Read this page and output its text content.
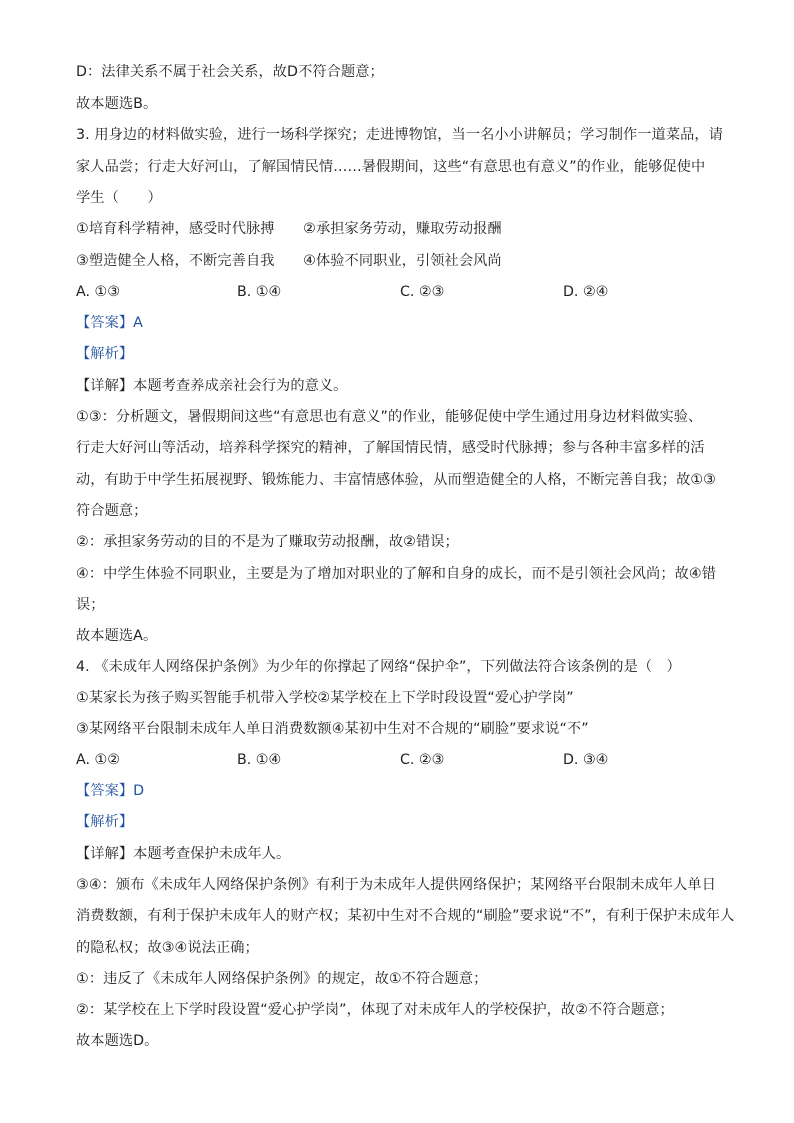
D：法律关系不属于社会关系，故D不符合题意；
故本题选B。
3. 用身边的材料做实验，进行一场科学探究；走进博物馆，当一名小小讲解员；学习制作一道菜品，请
家人品尝；行走大好河山，了解国情民情……暑假期间，这些“有意思也有意义”的作业，能够促使中
学生（　　）
①培育科学精神，感受时代脉搏　　②承担家务劳动，赚取劳动报酬
③塑造健全人格，不断完善自我　　④体验不同职业，引领社会风尚
A. ①③	B. ①④	C. ②③	D. ②④
【答案】A
【解析】
【详解】本题考查养成亲社会行为的意义。
①③：分析题文，暑假期间这些“有意思也有意义”的作业，能够促使中学生通过用身边材料做实验、
行走大好河山等活动，培养科学探究的精神，了解国情民情，感受时代脉搏；参与各种丰富多样的活
动，有助于中学生拓展视野、锻炼能力、丰富情感体验，从而塑造健全的人格，不断完善自我；故①③
符合题意；
②：承担家务劳动的目的不是为了赚取劳动报酬，故②错误；
④：中学生体验不同职业，主要是为了增加对职业的了解和自身的成长，而不是引领社会风尚；故④错
误；
故本题选A。
4. 《未成年人网络保护条例》为少年的你撑起了网络“保护伞”，下列做法符合该条例的是（　）
①某家长为孩子购买智能手机带入学校②某学校在上下学时段设置“爱心护学岗”
③某网络平台限制未成年人单日消费数额④某初中生对不合规的“刷脸”要求说“不”
A. ①②	B. ①④	C. ②③	D. ③④
【答案】D
【解析】
【详解】本题考查保护未成年人。
③④：颁布《未成年人网络保护条例》有利于为未成年人提供网络保护；某网络平台限制未成年人单日
消费数额，有利于保护未成年人的财产权；某初中生对不合规的“刷脸”要求说“不”，有利于保护未成年人
的隐私权；故③④说法正确；
①：违反了《未成年人网络保护条例》的规定，故①不符合题意；
②：某学校在上下学时段设置“爱心护学岗”，体现了对未成年人的学校保护，故②不符合题意；
故本题选D。
